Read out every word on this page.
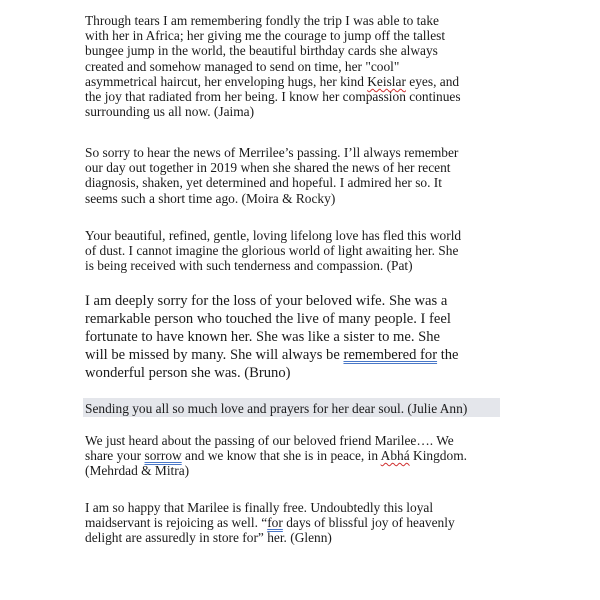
Through tears I am remembering fondly the trip I was able to take
with her in Africa; her giving me the courage to jump off the tallest
bungee jump in the world, the beautiful birthday cards she always
created and somehow managed to send on time, her "cool"
asymmetrical haircut, her enveloping hugs, her kind Keislar eyes, and
the joy that radiated from her being. I know her compassion continues
surrounding us all now. (Jaima)

So sorry to hear the news of Merrilee’s passing. I’ll always remember
our day out together in 2019 when she shared the news of her recent
diagnosis, shaken, yet determined and hopeful. I admired her so. It
seems such a short time ago. (Moira & Rocky)

Your beautiful, refined, gentle, loving lifelong love has fled this world
of dust. I cannot imagine the glorious world of light awaiting her. She
is being received with such tenderness and compassion. (Pat)

I am deeply sorry for the loss of your beloved wife. She was a
remarkable person who touched the live of many people. I feel
fortunate to have known her. She was like a sister to me. She
will be missed by many. She will always be remembered for the
wonderful person she was. (Bruno)

Sending you all so much love and prayers for her dear soul. (Julie Ann)

We just heard about the passing of our beloved friend Marilee…. We
share your sorrow and we know that she is in peace, in Abhá Kingdom.
(Mehrdad & Mitra)

I am so happy that Marilee is finally free. Undoubtedly this loyal
maidservant is rejoicing as well. “for days of blissful joy of heavenly
delight are assuredly in store for” her. (Glenn)
